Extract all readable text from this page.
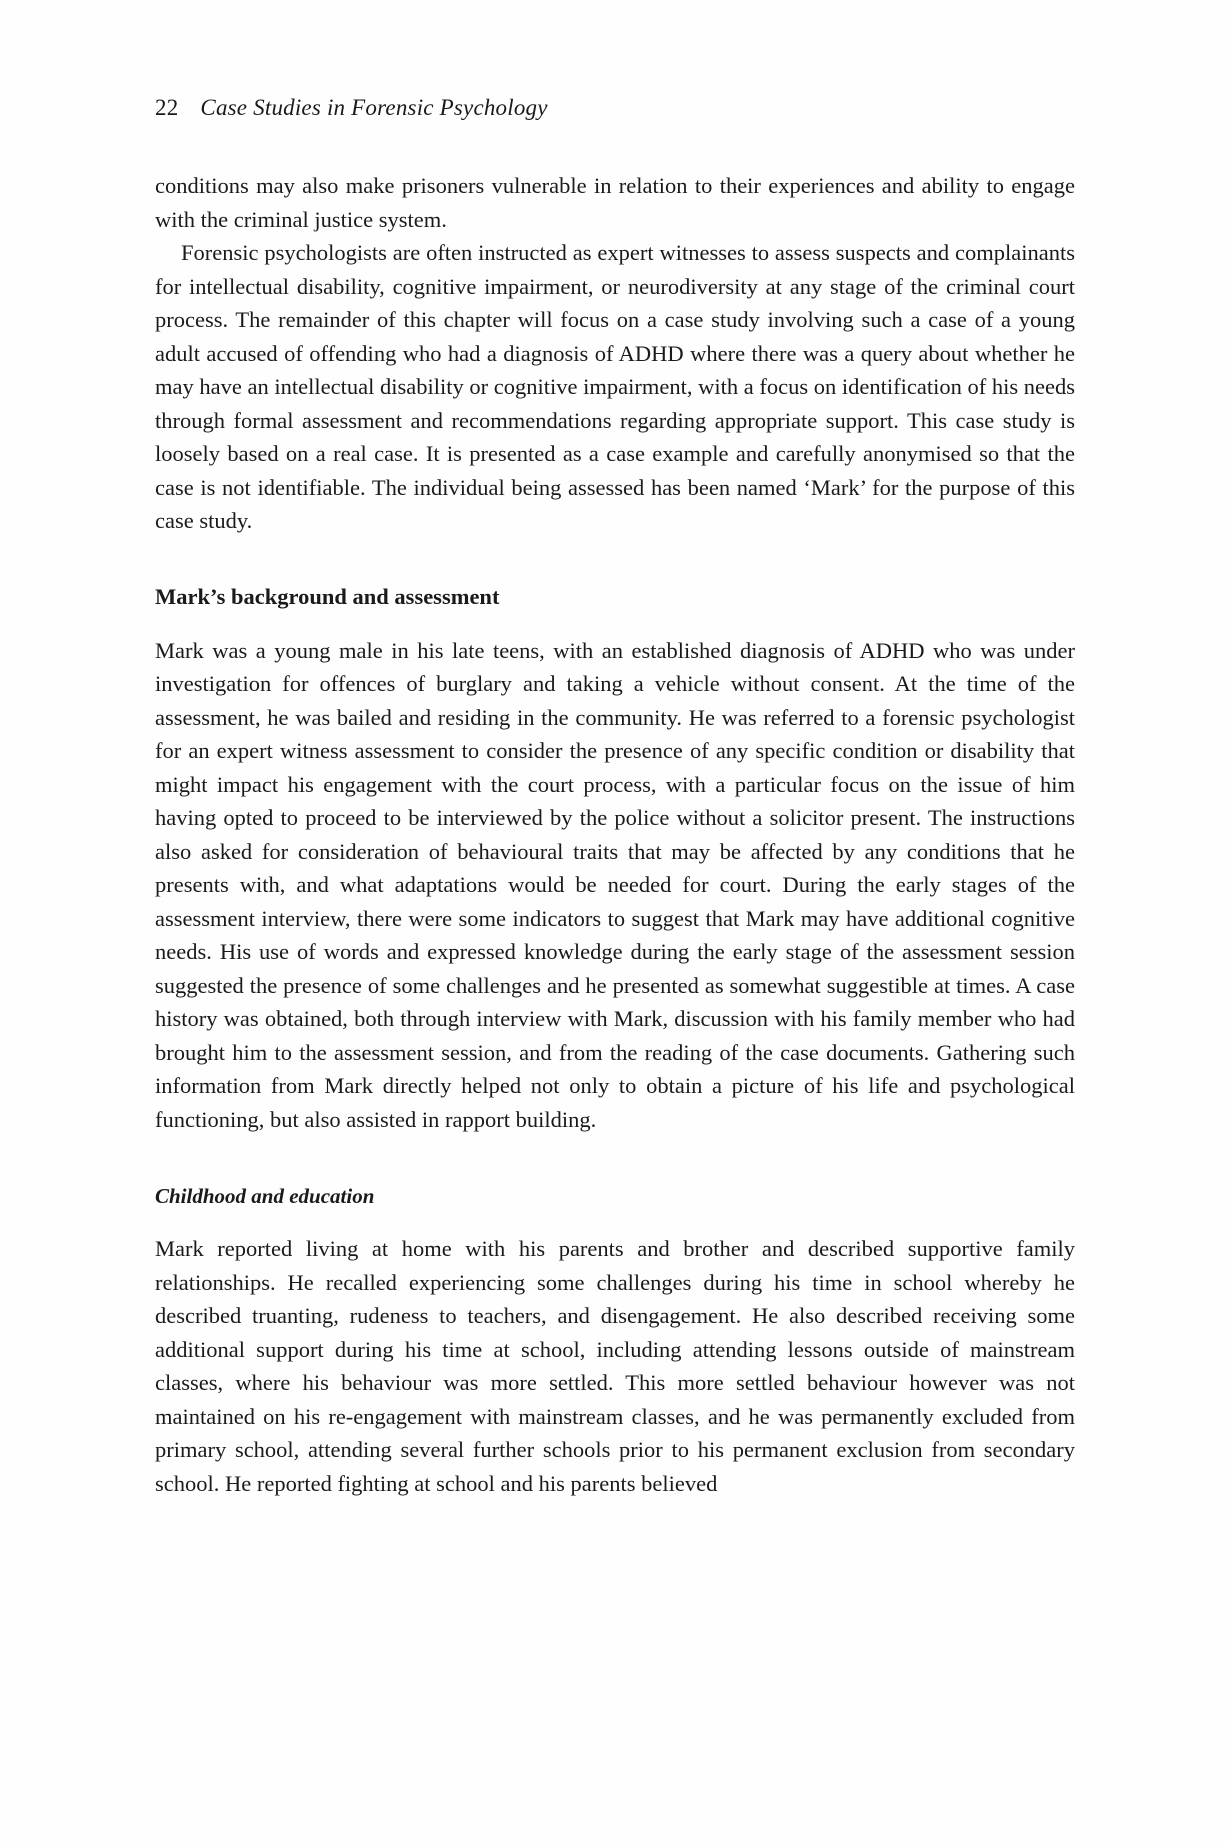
22 Case Studies in Forensic Psychology

conditions may also make prisoners vulnerable in relation to their experiences and ability to engage with the criminal justice system.

Forensic psychologists are often instructed as expert witnesses to assess suspects and complainants for intellectual disability, cognitive impairment, or neurodiversity at any stage of the criminal court process. The remainder of this chapter will focus on a case study involving such a case of a young adult accused of offending who had a diagnosis of ADHD where there was a query about whether he may have an intellectual disability or cognitive impairment, with a focus on identification of his needs through formal assessment and recommendations regarding appropriate support. This case study is loosely based on a real case. It is presented as a case example and carefully anonymised so that the case is not identifiable. The individual being assessed has been named ‘Mark’ for the purpose of this case study.

Mark’s background and assessment

Mark was a young male in his late teens, with an established diagnosis of ADHD who was under investigation for offences of burglary and taking a vehicle without consent. At the time of the assessment, he was bailed and residing in the community. He was referred to a forensic psychologist for an expert witness assessment to consider the presence of any specific condition or disability that might impact his engagement with the court process, with a particular focus on the issue of him having opted to proceed to be interviewed by the police without a solicitor present. The instructions also asked for consideration of behavioural traits that may be affected by any conditions that he presents with, and what adaptations would be needed for court. During the early stages of the assessment interview, there were some indicators to suggest that Mark may have additional cognitive needs. His use of words and expressed knowledge during the early stage of the assessment session suggested the presence of some challenges and he presented as somewhat suggestible at times. A case history was obtained, both through interview with Mark, discussion with his family member who had brought him to the assessment session, and from the reading of the case documents. Gathering such information from Mark directly helped not only to obtain a picture of his life and psychological functioning, but also assisted in rapport building.

Childhood and education

Mark reported living at home with his parents and brother and described supportive family relationships. He recalled experiencing some challenges during his time in school whereby he described truanting, rudeness to teachers, and disengagement. He also described receiving some additional support during his time at school, including attending lessons outside of mainstream classes, where his behaviour was more settled. This more settled behaviour however was not maintained on his re-engagement with mainstream classes, and he was permanently excluded from primary school, attending several further schools prior to his permanent exclusion from secondary school. He reported fighting at school and his parents believed
